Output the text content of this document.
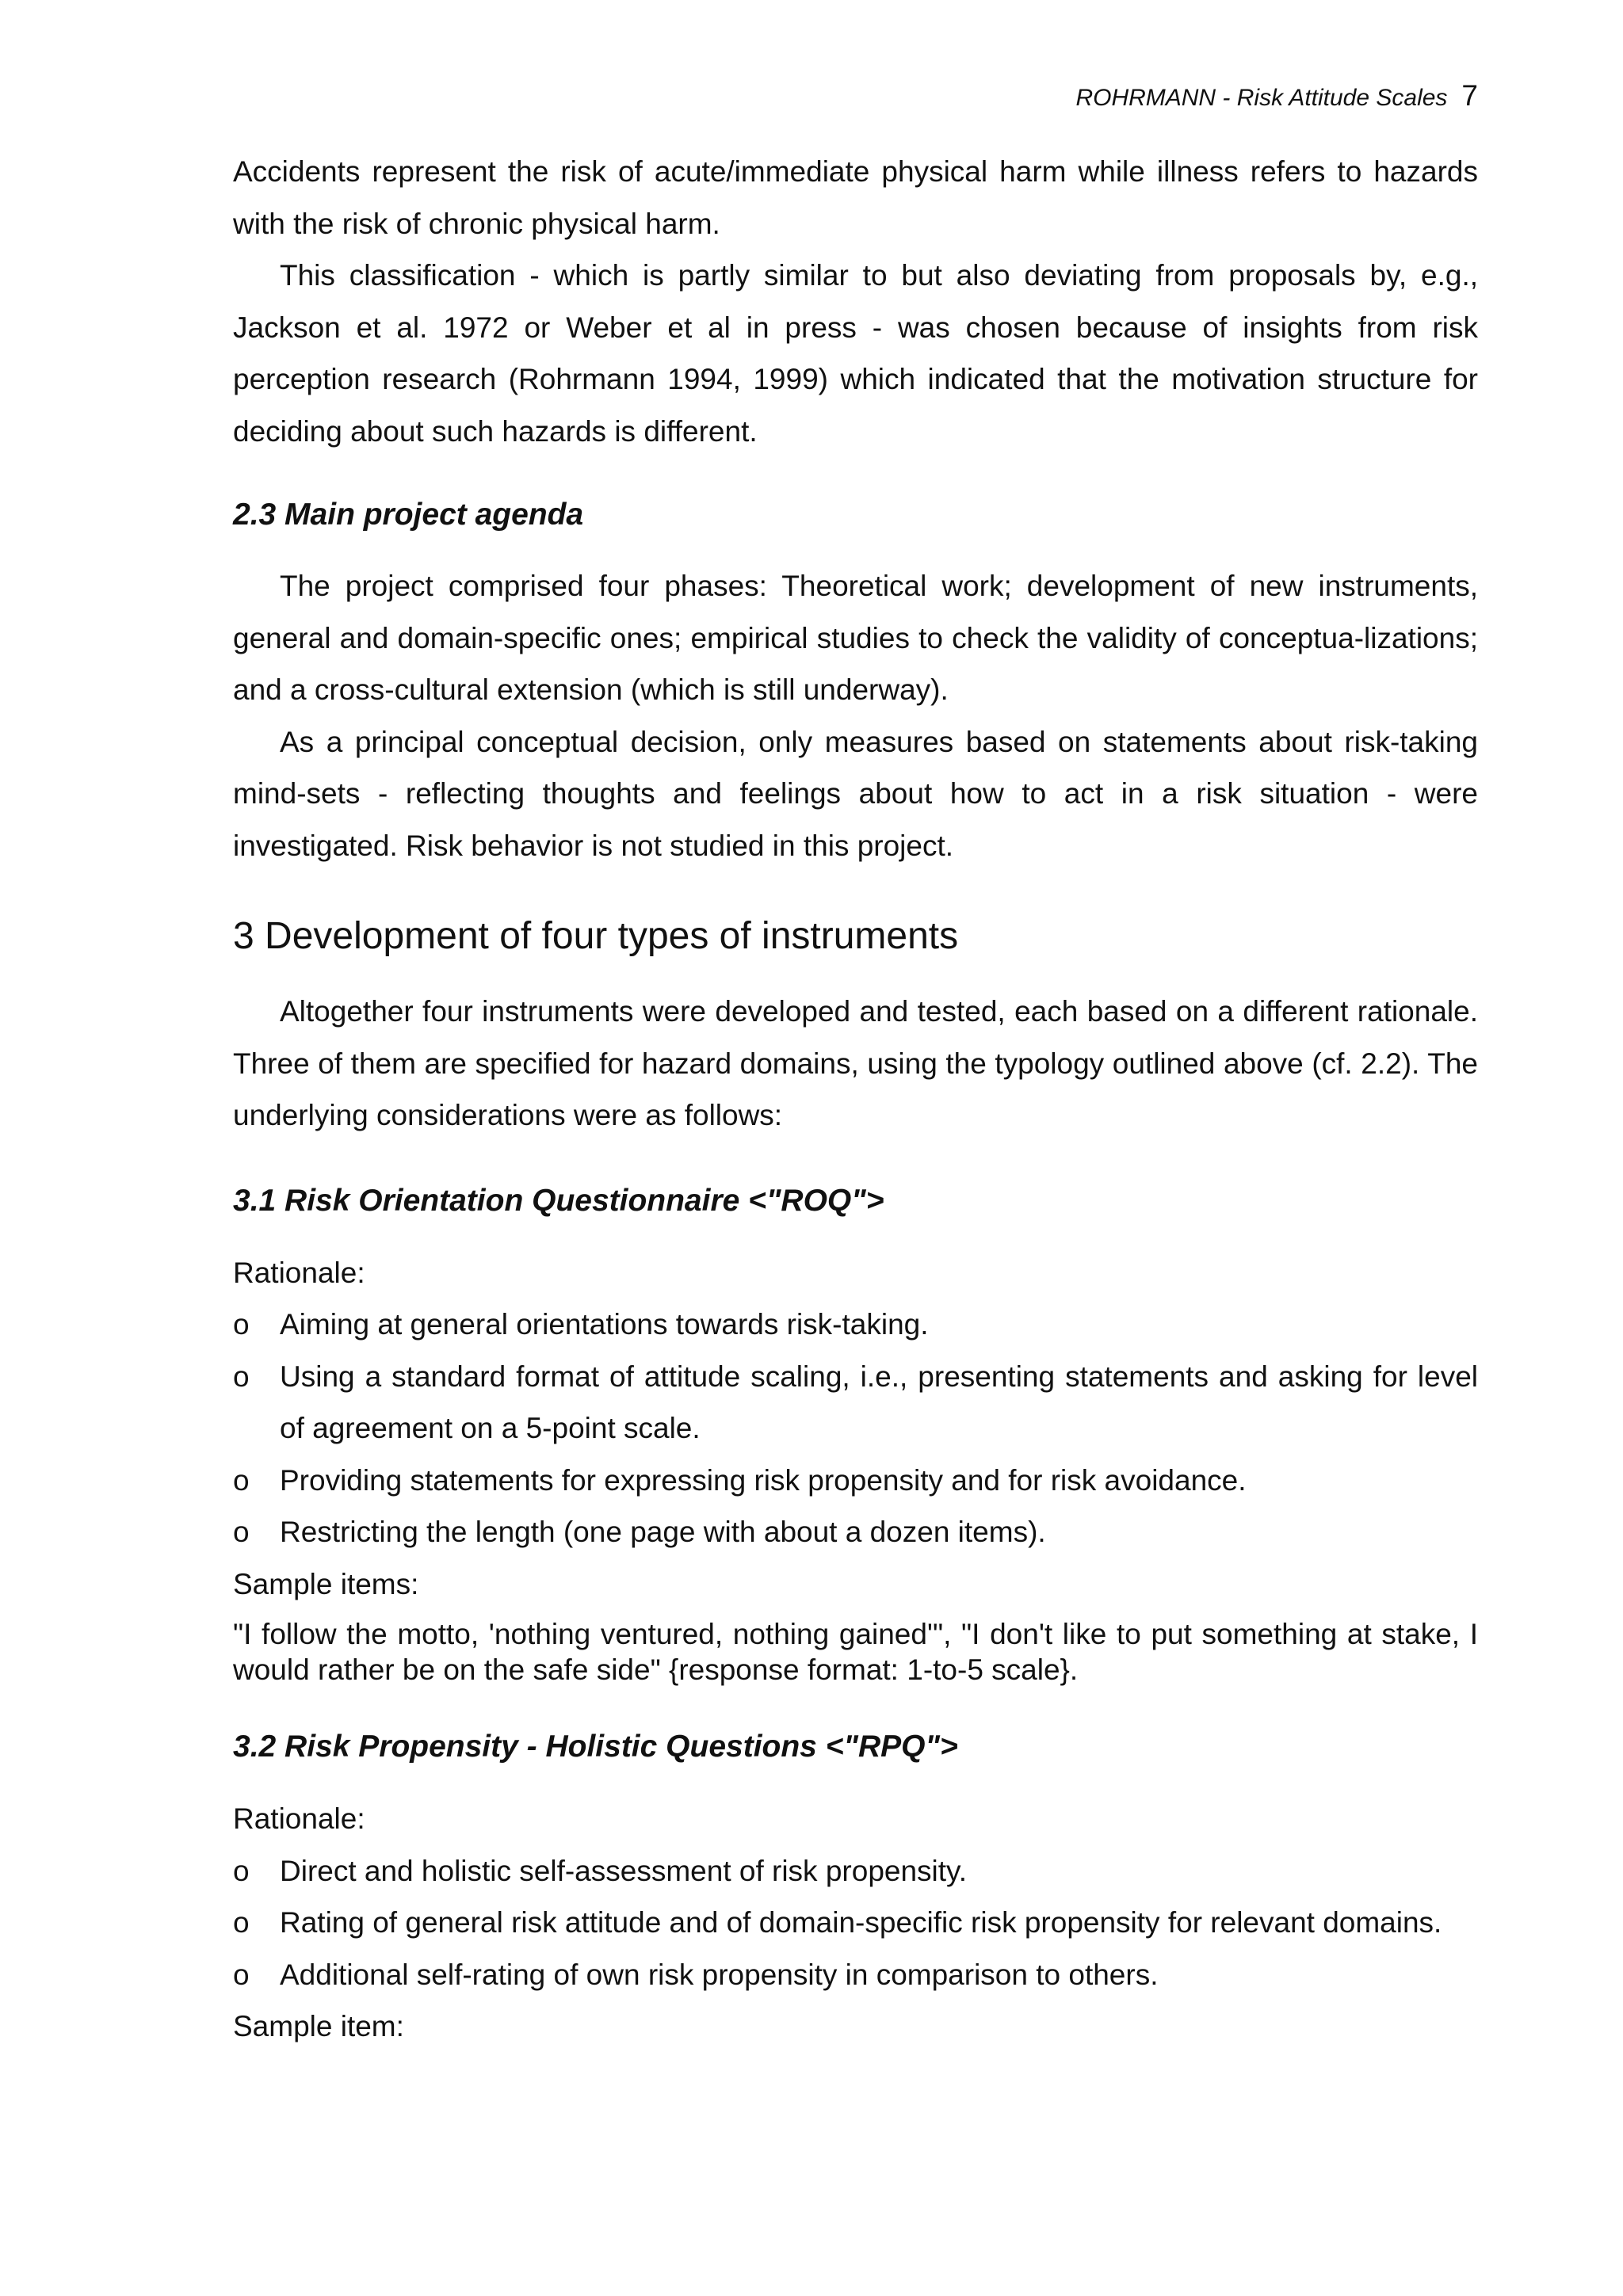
ROHRMANN - Risk Attitude Scales 7

Accidents represent the risk of acute/immediate physical harm while illness refers to hazards with the risk of chronic physical harm.

This classification - which is partly similar to but also deviating from proposals by, e.g., Jackson et al. 1972 or Weber et al in press - was chosen because of insights from risk perception research (Rohrmann 1994, 1999) which indicated that the motivation structure for deciding about such hazards is different.

2.3 Main project agenda

The project comprised four phases: Theoretical work; development of new instruments, general and domain-specific ones; empirical studies to check the validity of conceptua-lizations; and a cross-cultural extension (which is still underway).

As a principal conceptual decision, only measures based on statements about risk-taking mind-sets - reflecting thoughts and feelings about how to act in a risk situation - were investigated. Risk behavior is not studied in this project.

3 Development of four types of instruments

Altogether four instruments were developed and tested, each based on a different rationale. Three of them are specified for hazard domains, using the typology outlined above (cf. 2.2). The underlying considerations were as follows:

3.1 Risk Orientation Questionnaire <"ROQ">
Rationale:
o Aiming at general orientations towards risk-taking.
o Using a standard format of attitude scaling, i.e., presenting statements and asking for level of agreement on a 5-point scale.
o Providing statements for expressing risk propensity and for risk avoidance.
o Restricting the length (one page with about a dozen items).
Sample items:

"I follow the motto, 'nothing ventured, nothing gained'", "I don't like to put something at stake, I would rather be on the safe side" {response format: 1-to-5 scale}.

3.2 Risk Propensity - Holistic Questions <"RPQ">
Rationale:
o Direct and holistic self-assessment of risk propensity.
o Rating of general risk attitude and of domain-specific risk propensity for relevant domains.
o Additional self-rating of own risk propensity in comparison to others.
Sample item:
